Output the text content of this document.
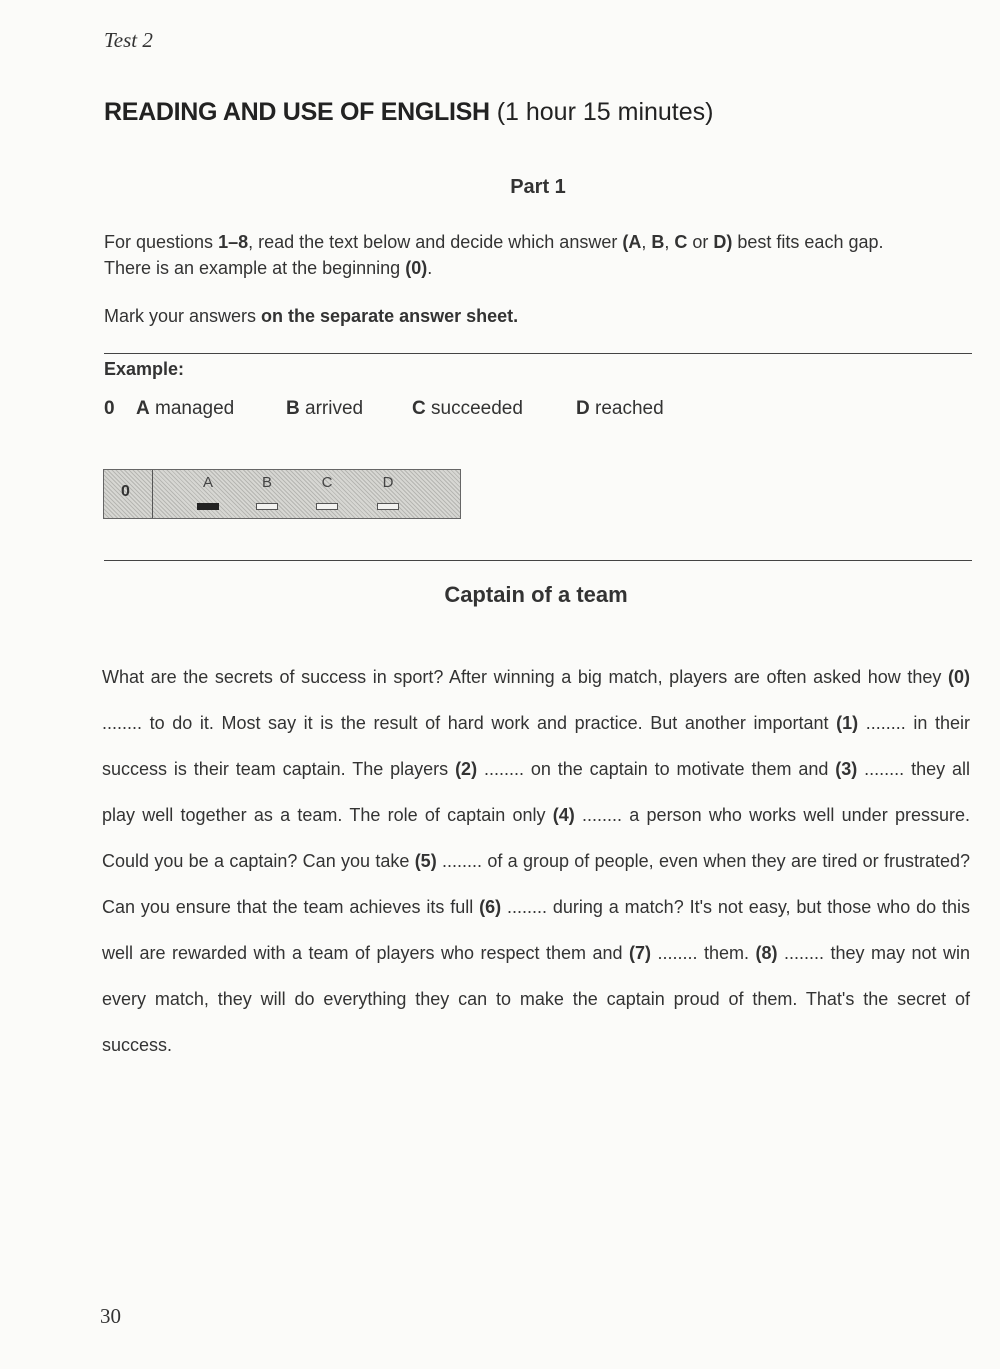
Test 2
READING AND USE OF ENGLISH (1 hour 15 minutes)
Part 1
For questions 1–8, read the text below and decide which answer (A, B, C or D) best fits each gap.
There is an example at the beginning (0).
Mark your answers on the separate answer sheet.
Example:
0 A managed	B arrived	C succeeded	D reached
0
A	B	C	D
Captain of a team
What are the secrets of success in sport? After winning a big match, players are often asked how they (0) ........ to do it. Most say it is the result of hard work and practice. But another important (1) ........ in their success is their team captain. The players (2) ........ on the captain to motivate them and (3) ........ they all play well together as a team. The role of captain only (4) ........ a person who works well under pressure. Could you be a captain? Can you take (5) ........ of a group of people, even when they are tired or frustrated? Can you ensure that the team achieves its full (6) ........ during a match? It's not easy, but those who do this well are rewarded with a team of players who respect them and (7) ........ them. (8) ........ they may not win every match, they will do everything they can to make the captain proud of them. That's the secret of success.
30
